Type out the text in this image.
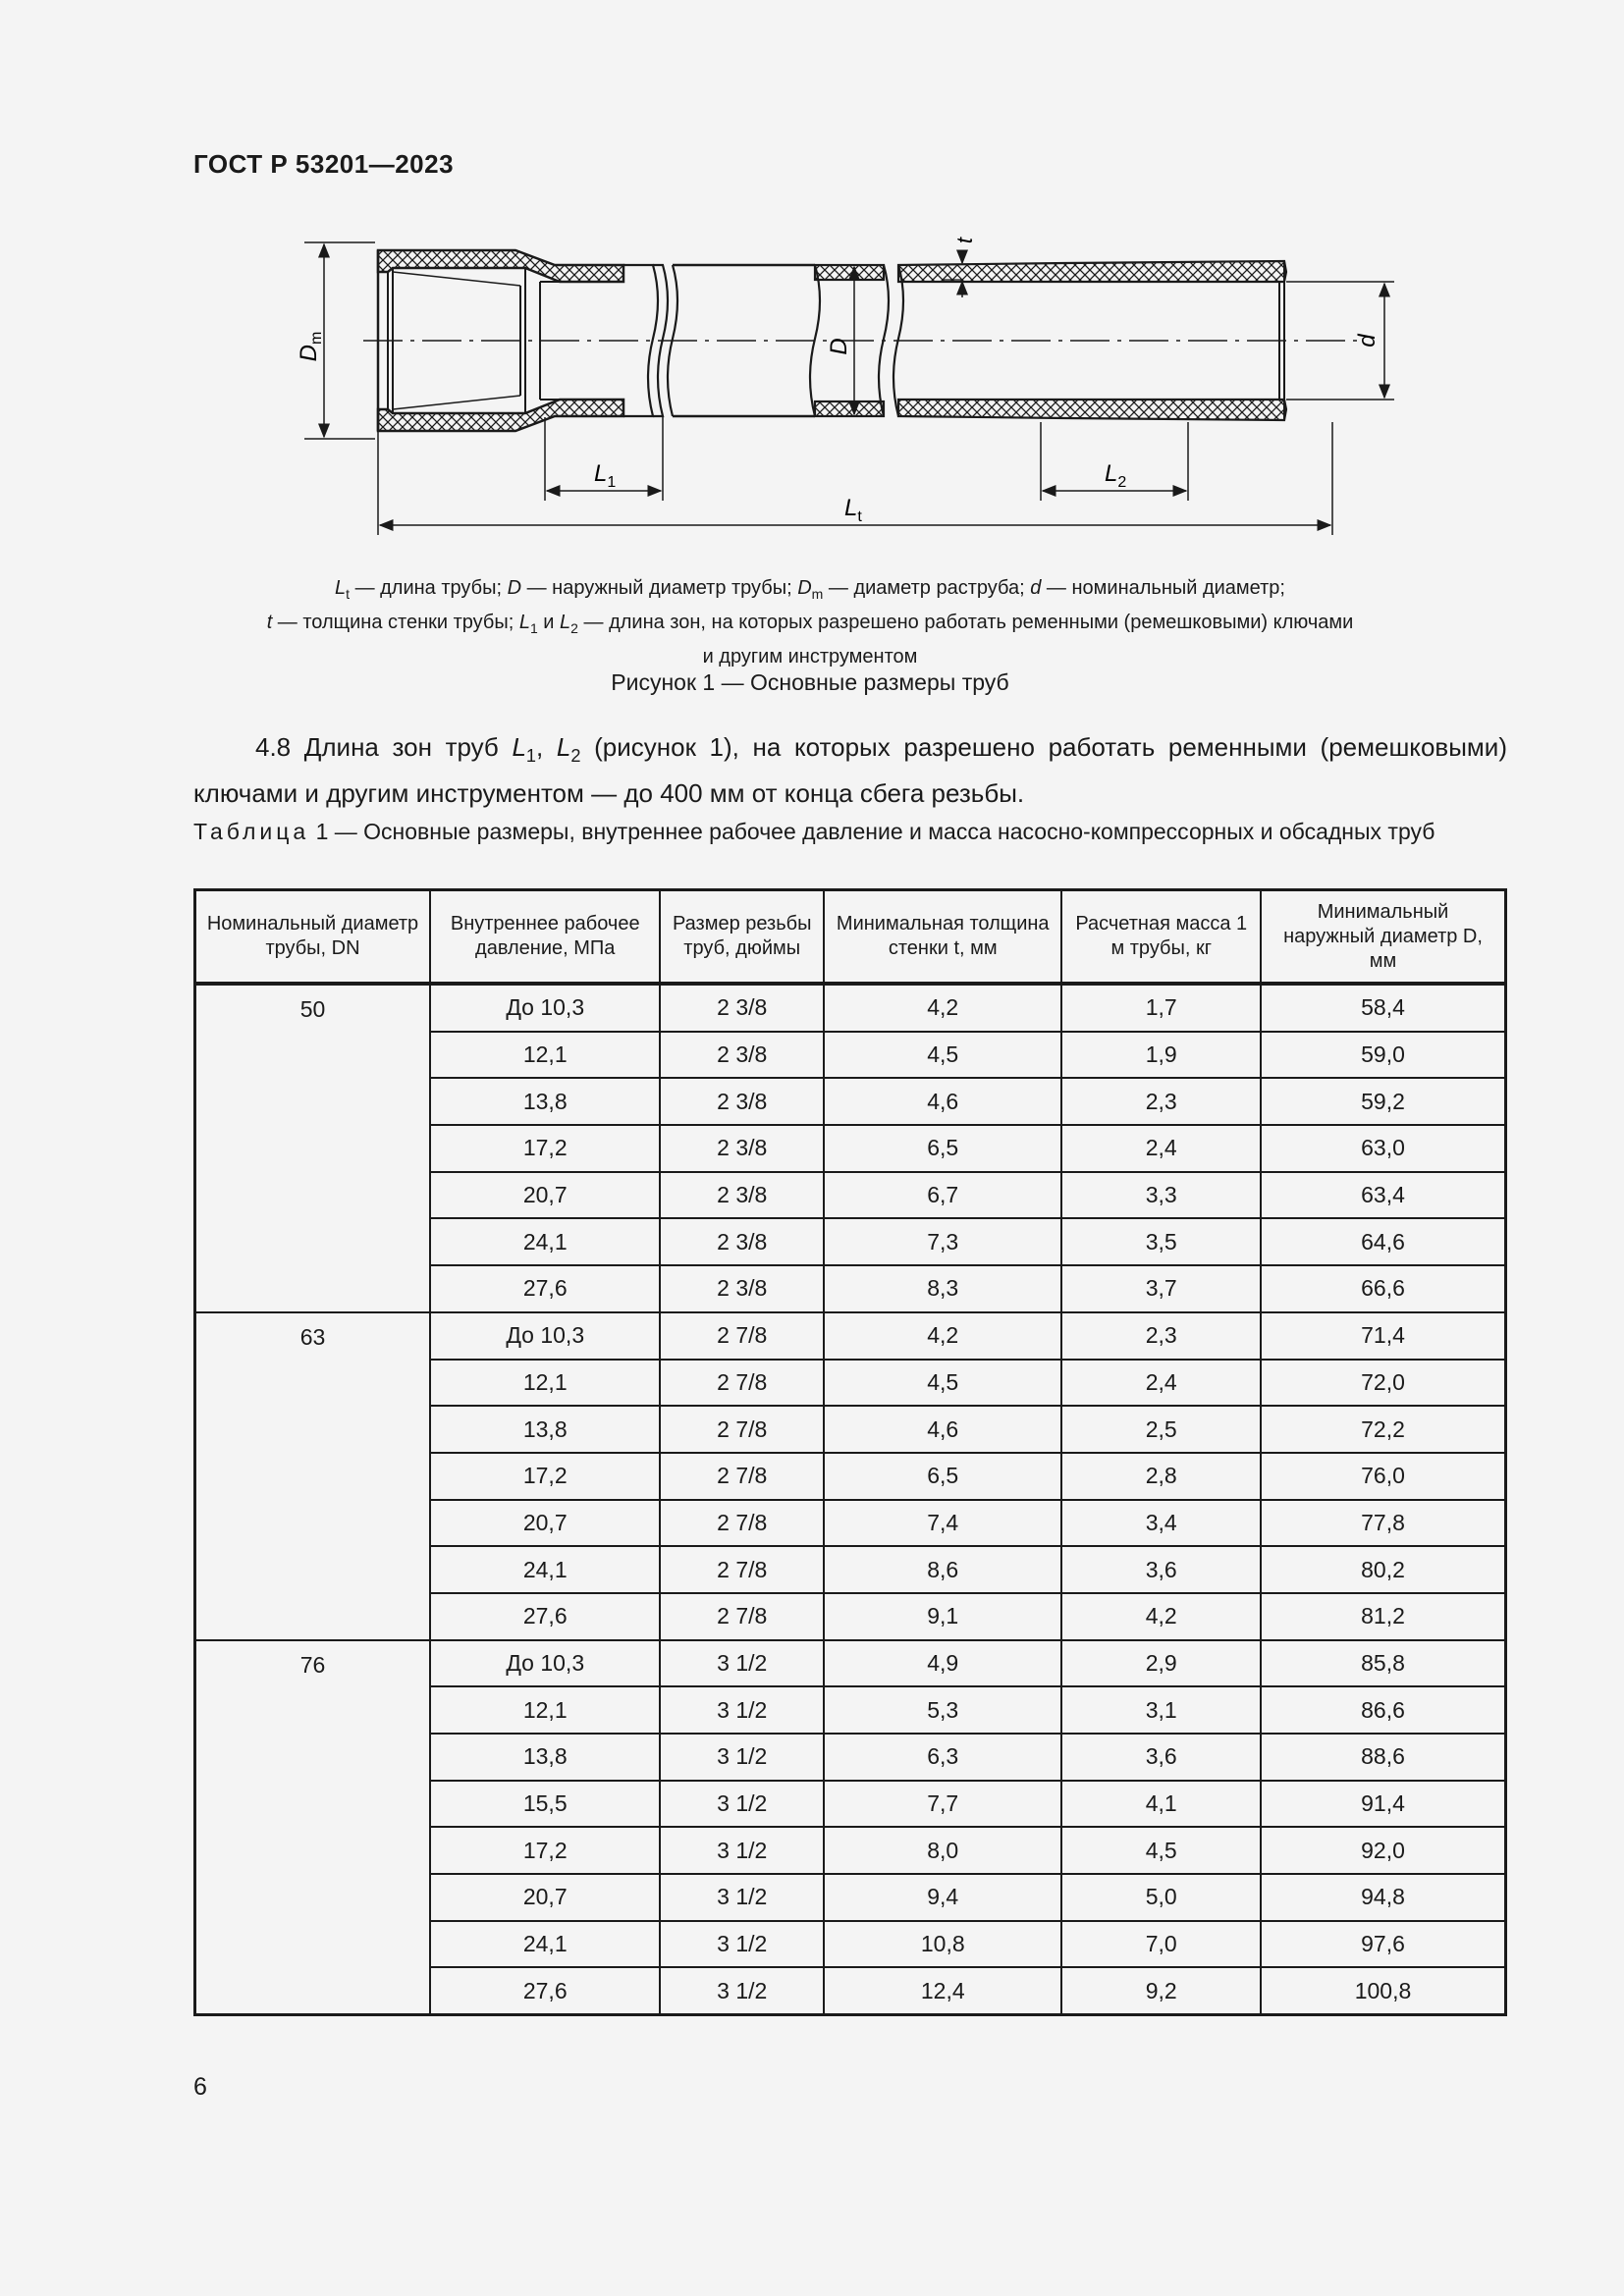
ГОСТ Р 53201—2023
$D_m$	D
t
d
$L_1$	$L_2$
$L_t$
$L_t$ — длина трубы; D — наружный диаметр трубы; $D_m$ — диаметр раструба; d — номинальный диаметр;
t — толщина стенки трубы; $L_1$ и $L_2$ — длина зон, на которых разрешено работать ременными (ремешковыми) ключами
и другим инструментом
Рисунок 1 — Основные размеры труб
4.8 Длина зон труб $L_1$, $L_2$ (рисунок 1), на которых разрешено работать ременными (ремешковыми) ключами и другим инструментом — до 400 мм от конца сбега резьбы.
Таблица 1 — Основные размеры, внутреннее рабочее давление и масса насосно-компрессорных и обсадных труб
Номинальный диаметр трубы, DN	Внутреннее рабочее давление, МПа	Размер резьбы труб, дюймы	Минимальная толщина стенки t, мм	Расчетная масса 1 м трубы, кг	Минимальный наружный диаметр D, мм
50	До 10,3	2 3/8	4,2	1,7	58,4
	12,1	2 3/8	4,5	1,9	59,0
	13,8	2 3/8	4,6	2,3	59,2
	17,2	2 3/8	6,5	2,4	63,0
	20,7	2 3/8	6,7	3,3	63,4
	24,1	2 3/8	7,3	3,5	64,6
	27,6	2 3/8	8,3	3,7	66,6
63	До 10,3	2 7/8	4,2	2,3	71,4
	12,1	2 7/8	4,5	2,4	72,0
	13,8	2 7/8	4,6	2,5	72,2
	17,2	2 7/8	6,5	2,8	76,0
	20,7	2 7/8	7,4	3,4	77,8
	24,1	2 7/8	8,6	3,6	80,2
	27,6	2 7/8	9,1	4,2	81,2
76	До 10,3	3 1/2	4,9	2,9	85,8
	12,1	3 1/2	5,3	3,1	86,6
	13,8	3 1/2	6,3	3,6	88,6
	15,5	3 1/2	7,7	4,1	91,4
	17,2	3 1/2	8,0	4,5	92,0
	20,7	3 1/2	9,4	5,0	94,8
	24,1	3 1/2	10,8	7,0	97,6
	27,6	3 1/2	12,4	9,2	100,8
6
